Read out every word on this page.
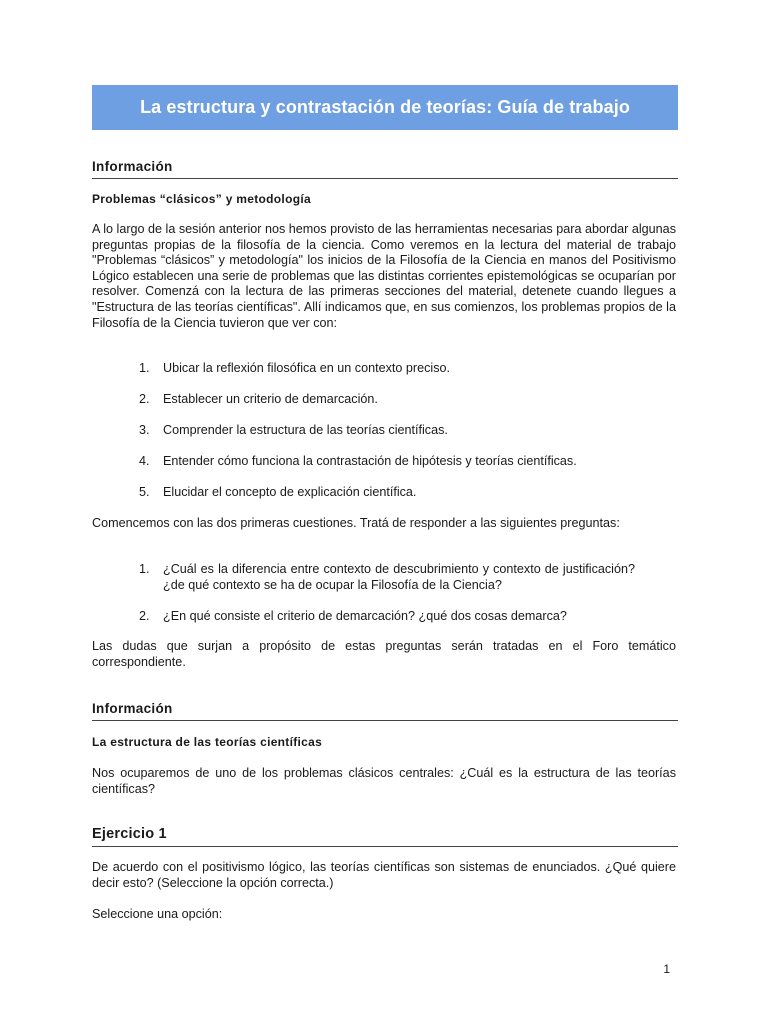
La estructura y contrastación de teorías: Guía de trabajo
Información
Problemas “clásicos” y metodología

A lo largo de la sesión anterior nos hemos provisto de las herramientas necesarias para abordar algunas preguntas propias de la filosofía de la ciencia. Como veremos en la lectura del material de trabajo "Problemas “clásicos” y metodología" los inicios de la Filosofía de la Ciencia en manos del Positivismo Lógico establecen una serie de problemas que las distintas corrientes epistemológicas se ocuparían por resolver. Comenzá con la lectura de las primeras secciones del material, detenete cuando llegues a "Estructura de las teorías científicas". Allí indicamos que, en sus comienzos, los problemas propios de la Filosofía de la Ciencia tuvieron que ver con:

1. Ubicar la reflexión filosófica en un contexto preciso.
2. Establecer un criterio de demarcación.
3. Comprender la estructura de las teorías científicas.
4. Entender cómo funciona la contrastación de hipótesis y teorías científicas.
5. Elucidar el concepto de explicación científica.

Comencemos con las dos primeras cuestiones. Tratá de responder a las siguientes preguntas:

1. ¿Cuál es la diferencia entre contexto de descubrimiento y contexto de justificación? ¿de qué contexto se ha de ocupar la Filosofía de la Ciencia?
2. ¿En qué consiste el criterio de demarcación? ¿qué dos cosas demarca?

Las dudas que surjan a propósito de estas preguntas serán tratadas en el Foro temático correspondiente.

Información
La estructura de las teorías científicas

Nos ocuparemos de uno de los problemas clásicos centrales: ¿Cuál es la estructura de las teorías científicas?

Ejercicio 1

De acuerdo con el positivismo lógico, las teorías científicas son sistemas de enunciados. ¿Qué quiere decir esto? (Seleccione la opción correcta.)

Seleccione una opción:

1
